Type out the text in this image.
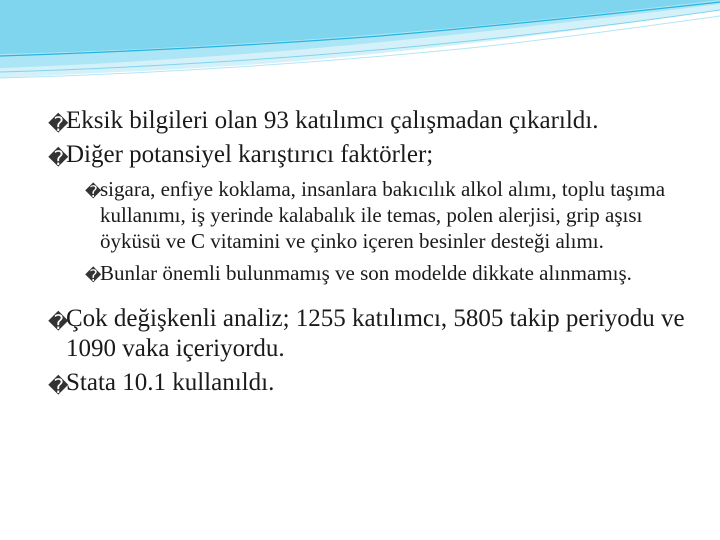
�
Eksik bilgileri olan 93 katılımcı çalışmadan çıkarıldı.

�
Diğer potansiyel karıştırıcı faktörler;

�
sigara, enfiye koklama, insanlara bakıcılık alkol alımı, toplu taşıma kullanımı, iş yerinde kalabalık ile temas, polen alerjisi, grip aşısı öyküsü ve C vitamini ve çinko içeren besinler desteği alımı.

�
Bunlar önemli bulunmamış ve son modelde dikkate alınmamış.

�
Çok değişkenli analiz; 1255 katılımcı, 5805 takip periyodu ve 1090 vaka içeriyordu.

�
Stata 10.1 kullanıldı.
